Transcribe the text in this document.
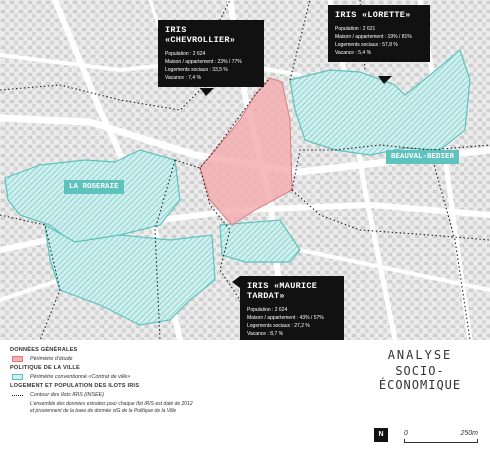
IRIS «CHEVROLLIER»
Population : 2 624
Maison / appartement : 23% / 77%
Logements sociaux : 33,5 %
Vacance : 7,4 %
IRIS «LORETTE»
Population : 2 621
Maison / appartement : 19% / 81%
Logements sociaux : 57,8 %
Vacance : 5,4 %
IRIS «MAURICE TARDAT»
Population : 2 624
Maison / appartement : 43% / 57%
Logements sociaux : 27,2 %
Vacance : 8,7 %
LA ROSERAIE
BEAUVAL-BEDIER
DONNÉES GÉNÉRALES
Périmètre d’étude
POLITIQUE DE LA VILLE
Périmètre conventionné «Contrat de ville»
LOGEMENT ET POPULATION DES ILOTS IRIS
Contour des Ilots IRIS (INSEE)
L’ensemble des données extraites pour chaque Ilot IRIS est daté de 2012
et proviennent de la base de donnée sIG de la Politique de la Ville
ANALYSE
SOCIO-ÉCONOMIQUE
N	0	250m
